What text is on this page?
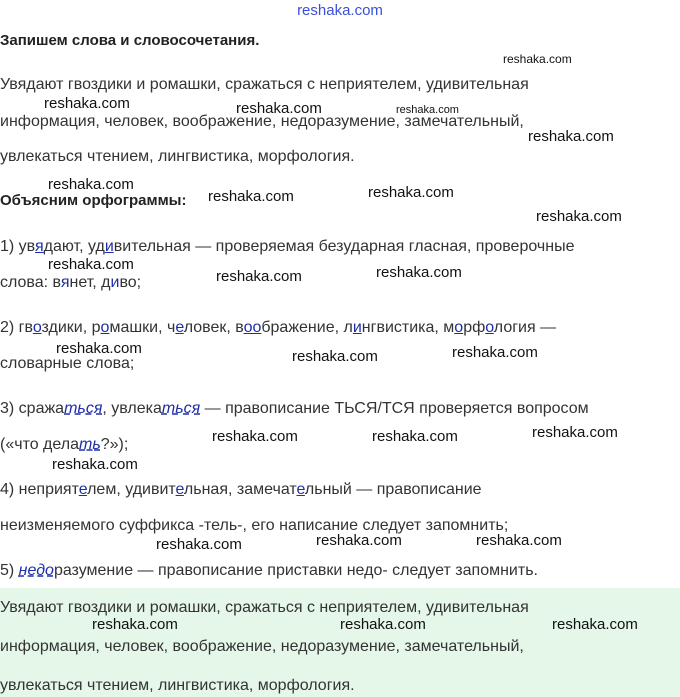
reshaka.com
Запишем слова и словосочетания.
Увядают гвоздики и ромашки, сражаться с неприятелем, удивительная
информация, человек, воображение, недоразумение, замечательный,
увлекаться чтением, лингвистика, морфология.
Объясним орфограммы:
1) увядают, удивительная — проверяемая безударная гласная, проверочные
слова: вянет, диво;
2) гвоздики, ромашки, человек, воображение, лингвистика, морфология —
словарные слова;
3) сражаться, увлекаться — правописание ТЬСЯ/ТСЯ проверяется вопросом
(«что делать?»);
4) неприятелем, удивительная, замечательный — правописание
неизменяемого суффикса -тель-, его написание следует запомнить;
5) недоразумение — правописание приставки недо- следует запомнить.
Увядают гвоздики и ромашки, сражаться с неприятелем, удивительная
информация, человек, воображение, недоразумение, замечательный,
увлекаться чтением, лингвистика, морфология.
reshaka.com
reshaka.com	reshaka.com	reshaka.com
reshaka.com
reshaka.com
reshaka.com	reshaka.com
reshaka.com
reshaka.com
reshaka.com	reshaka.com
reshaka.com	reshaka.com	reshaka.com
reshaka.com	reshaka.com	reshaka.com
reshaka.com
reshaka.com	reshaka.com	reshaka.com
reshaka.com	reshaka.com	reshaka.com
